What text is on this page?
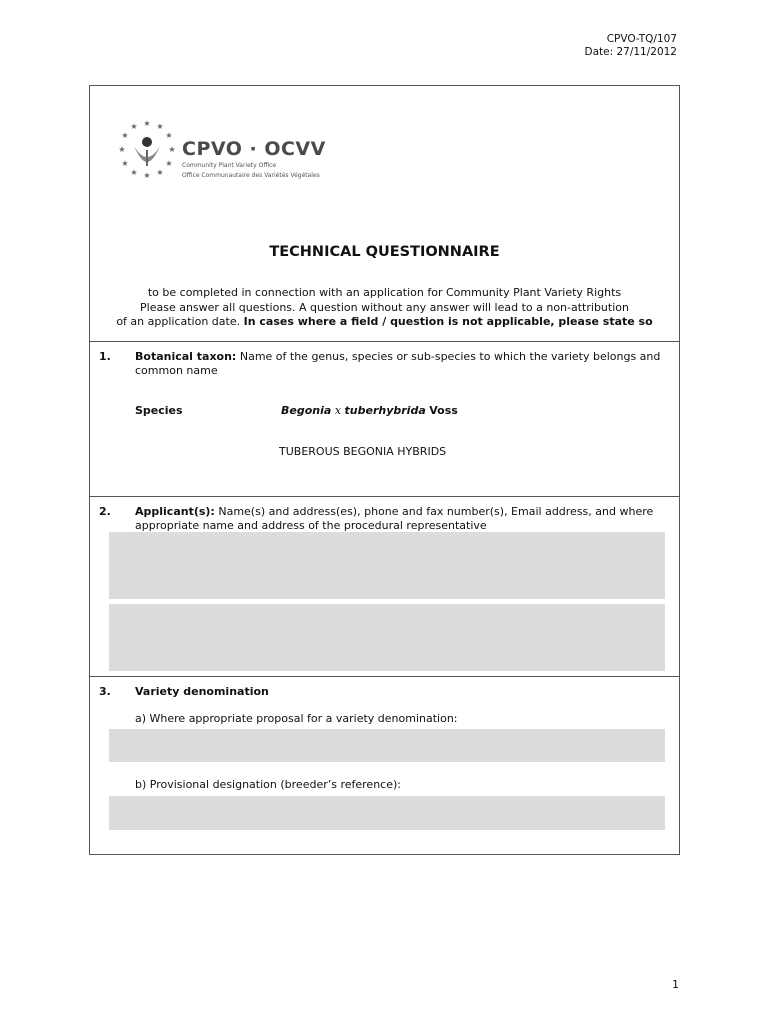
CPVO-TQ/107
Date: 27/11/2012
★ ★
★
★
★
★
★
★
★
★
★
★
CPVO · OCVV
Community Plant Variety Office
Office Communautaire des Variétés Végétales
TECHNICAL QUESTIONNAIRE
to be completed in connection with an application for Community Plant Variety Rights
Please answer all questions. A question without any answer will lead to a non-attribution
of an application date. In cases where a field / question is not applicable, please state so
1. Botanical taxon: Name of the genus, species or sub-species to which the variety belongs and common name
Species	Begonia x tuberhybrida Voss
TUBEROUS BEGONIA HYBRIDS
2. Applicant(s): Name(s) and address(es), phone and fax number(s), Email address, and where appropriate name and address of the procedural representative
3. Variety denomination
a) Where appropriate proposal for a variety denomination:
b) Provisional designation (breeder’s reference):
1
